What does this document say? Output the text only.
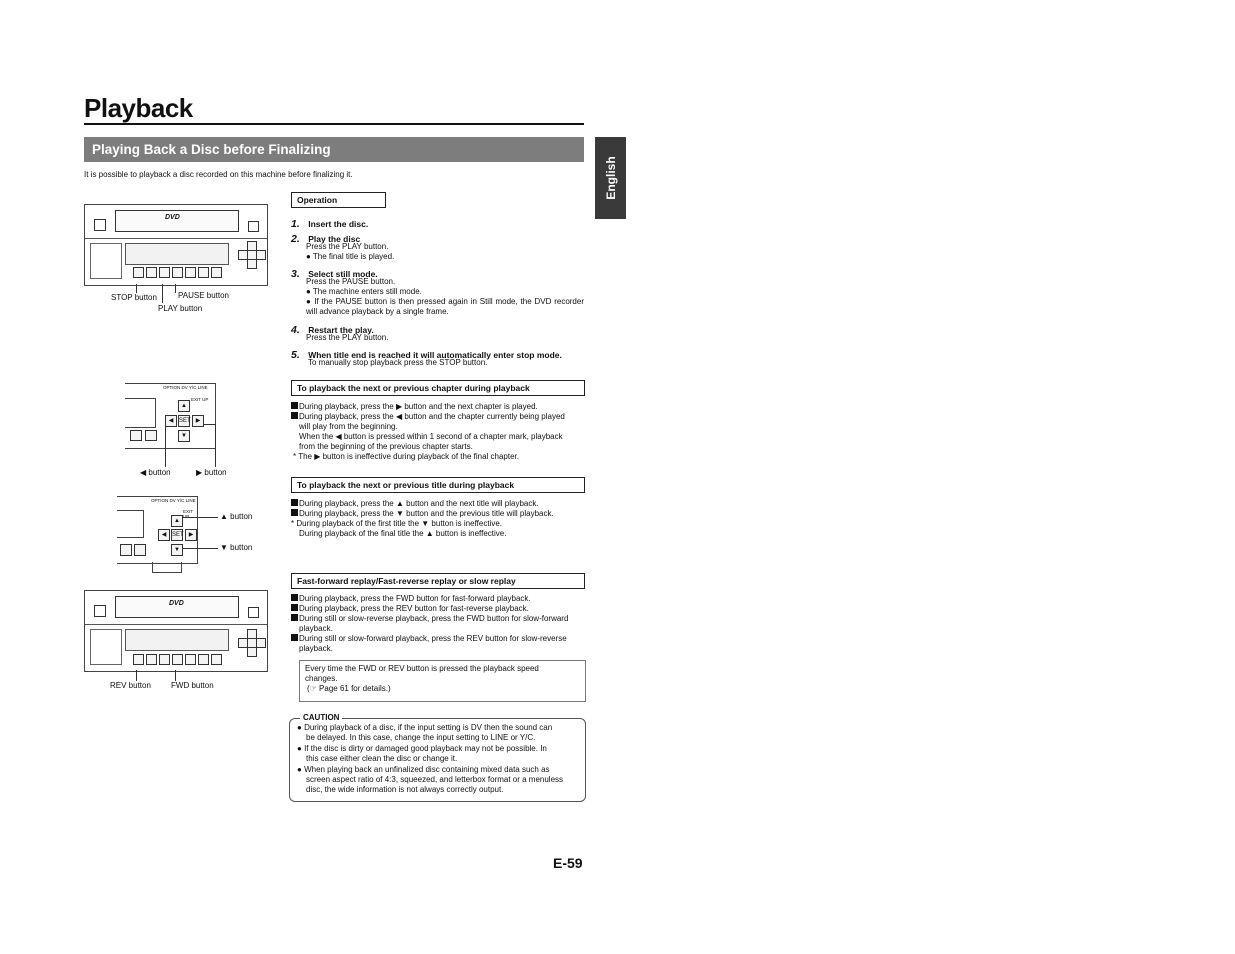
Playback
Playing Back a Disc before Finalizing
English
It is possible to playback a disc recorded on this machine before finalizing it.
DVD
STOP button	PAUSE button
PLAY button
Operation
1. Insert the disc.
2. Play the disc
Press the PLAY button.
● The final title is played.
3. Select still mode.
Press the PAUSE button.
● The machine enters still mode.
● If the PAUSE button is then pressed again in Still mode, the DVD recorder will advance playback by a single frame.
4. Restart the play.
Press the PLAY button.
5. When title end is reached it will automatically enter stop mode.
To manually stop playback press the STOP button.
OPTION DV Y/C LINE
▲
◀ SET ▶
▼
EXIT UP
◀ button	▶ button
To playback the next or previous chapter during playback
During playback, press the ▶ button and the next chapter is played.
During playback, press the ◀ button and the chapter currently being played
will play from the beginning.
When the ◀ button is pressed within 1 second of a chapter mark, playback
from the beginning of the previous chapter starts.
* The ▶ button is ineffective during playback of the final chapter.
OPTION DV Y/C LINE
▲
◀ SET ▶
▼
EXIT
▲ button
▼ button
To playback the next or previous title during playback
During playback, press the ▲ button and the next title will playback.
During playback, press the ▼ button and the previous title will playback.
* During playback of the first title the ▼ button is ineffective.
During playback of the final title the ▲ button is ineffective.
DVD
REV button	FWD button
Fast-forward replay/Fast-reverse replay or slow replay
During playback, press the FWD button for fast-forward playback.
During playback, press the REV button for fast-reverse playback.
During still or slow-reverse playback, press the FWD button for slow-forward
playback.
During still or slow-forward playback, press the REV button for slow-reverse
playback.
Every time the FWD or REV button is pressed the playback speed
changes.
(☞ Page 61 for details.)
CAUTION
● During playback of a disc, if the input setting is DV then the sound can
be delayed. In this case, change the input setting to LINE or Y/C.
● If the disc is dirty or damaged good playback may not be possible. In
this case either clean the disc or change it.
● When playing back an unfinalized disc containing mixed data such as
screen aspect ratio of 4:3, squeezed, and letterbox format or a menuless
disc, the wide information is not always correctly output.
E-59
